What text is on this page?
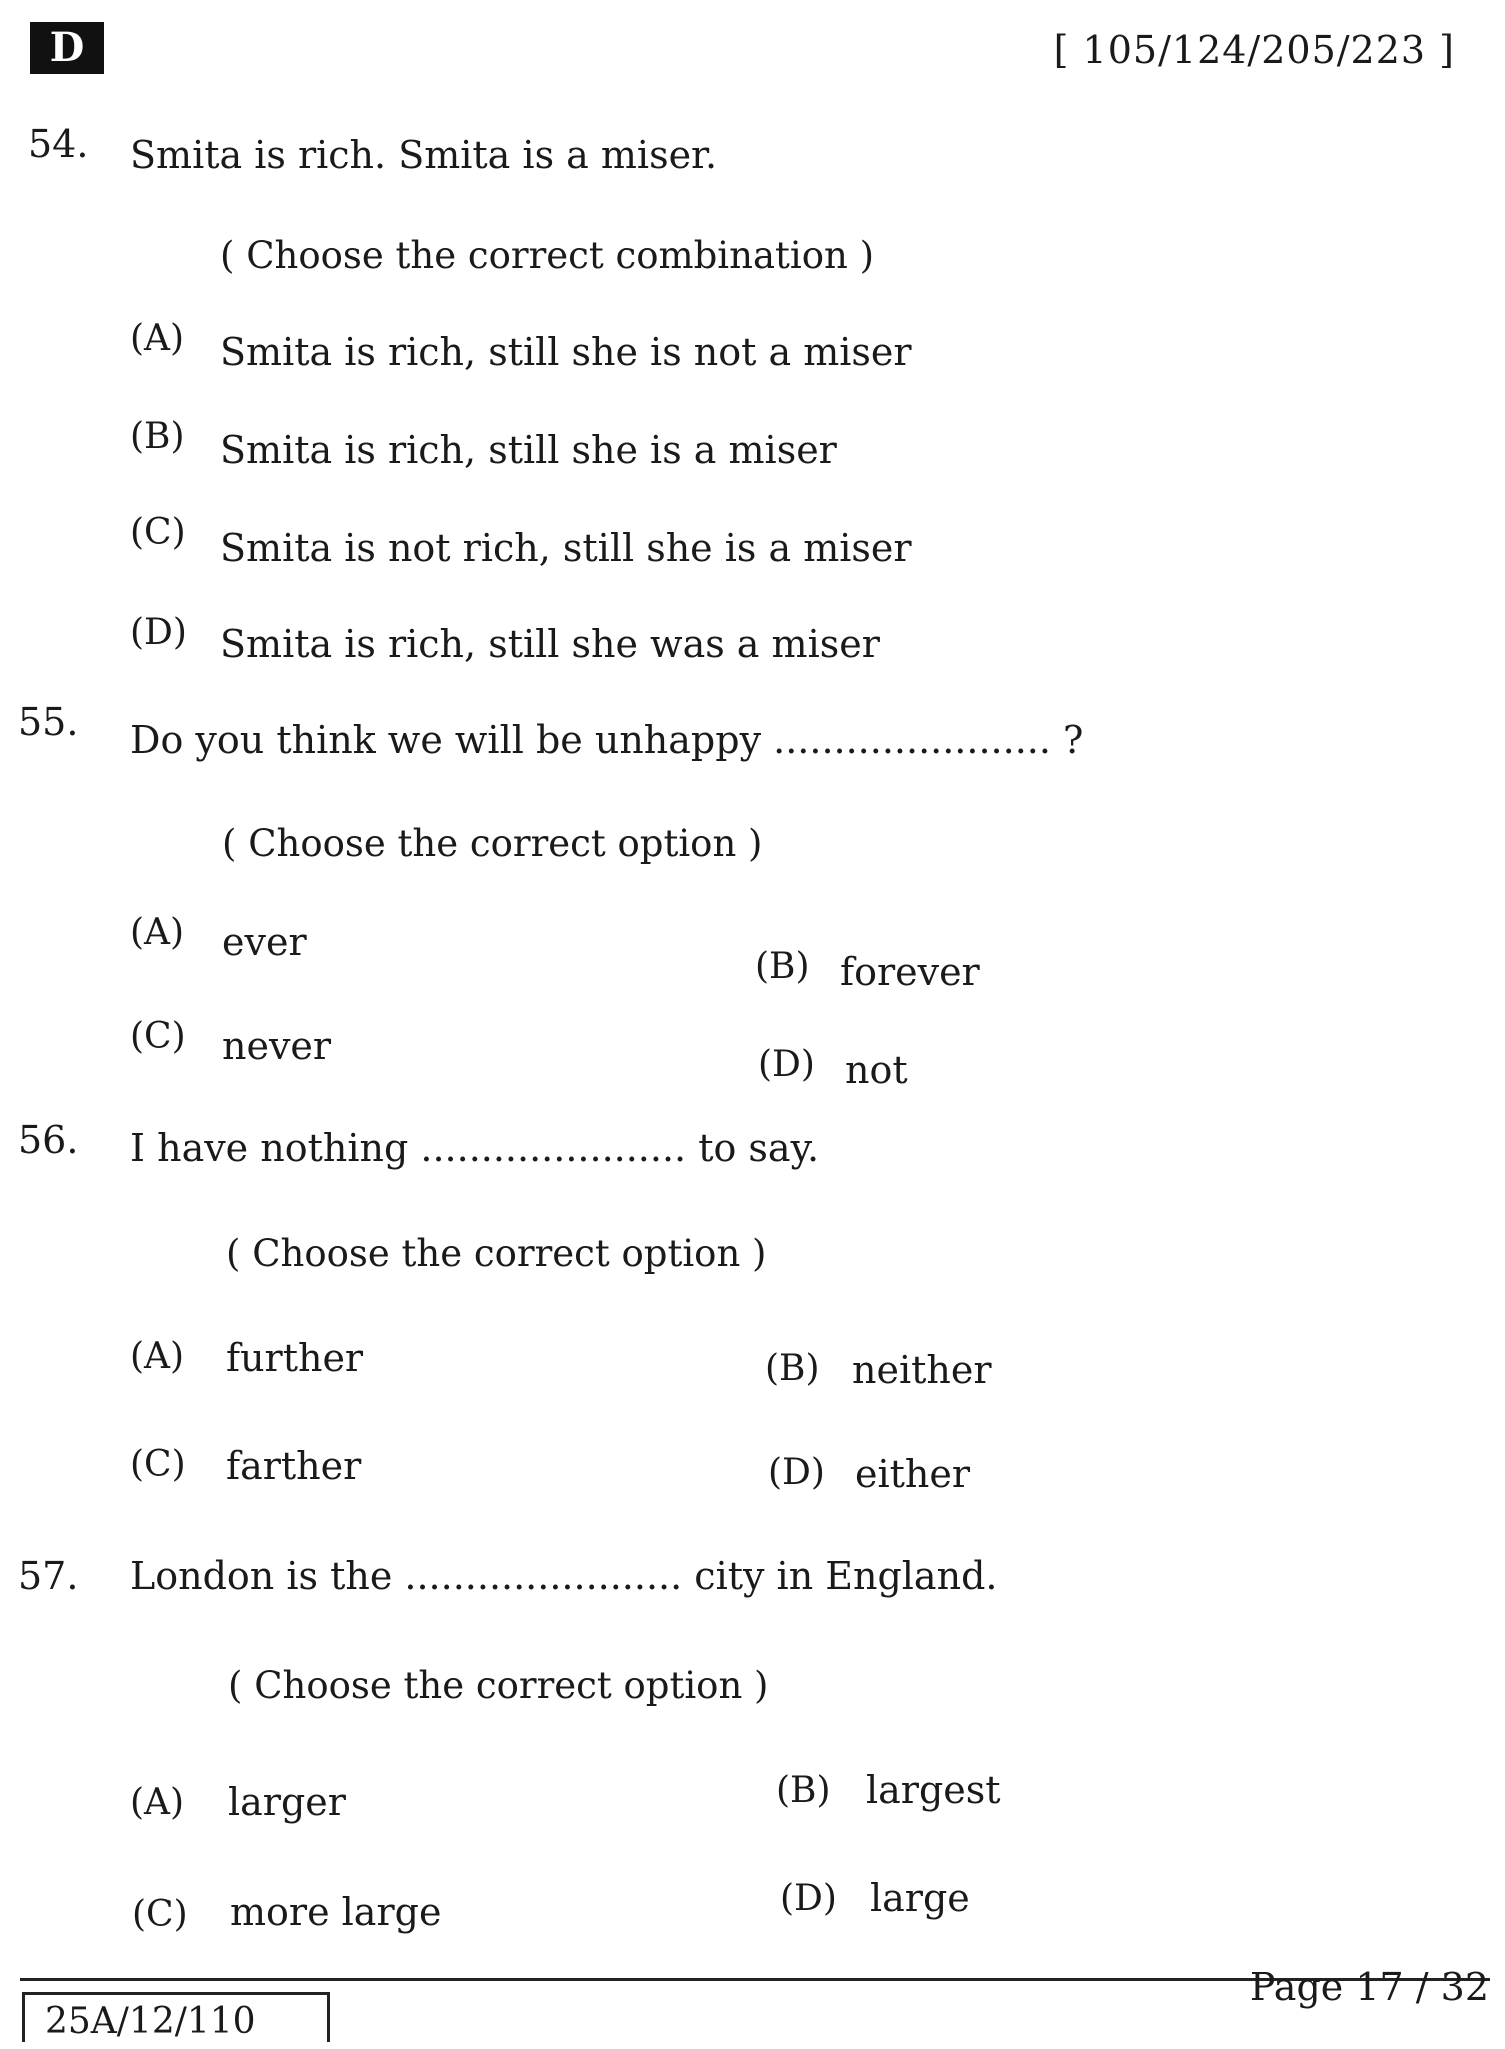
D	[ 105/124/205/223 ]
54. Smita is rich. Smita is a miser.
( Choose the correct combination )
(A) Smita is rich, still she is not a miser
(B) Smita is rich, still she is a miser
(C) Smita is not rich, still she is a miser
(D) Smita is rich, still she was a miser
55. Do you think we will be unhappy ....................... ?
( Choose the correct option )
(A) ever
(B) forever
(C) never	(D) not
56. I have nothing ...................... to say.
( Choose the correct option )
(A) further	(B) neither
(C) farther	(D) either
57. London is the ....................... city in England.
( Choose the correct option )
(A) larger	(B) largest
(C) more large	(D) large
25A/12/110
Page 17 / 32
